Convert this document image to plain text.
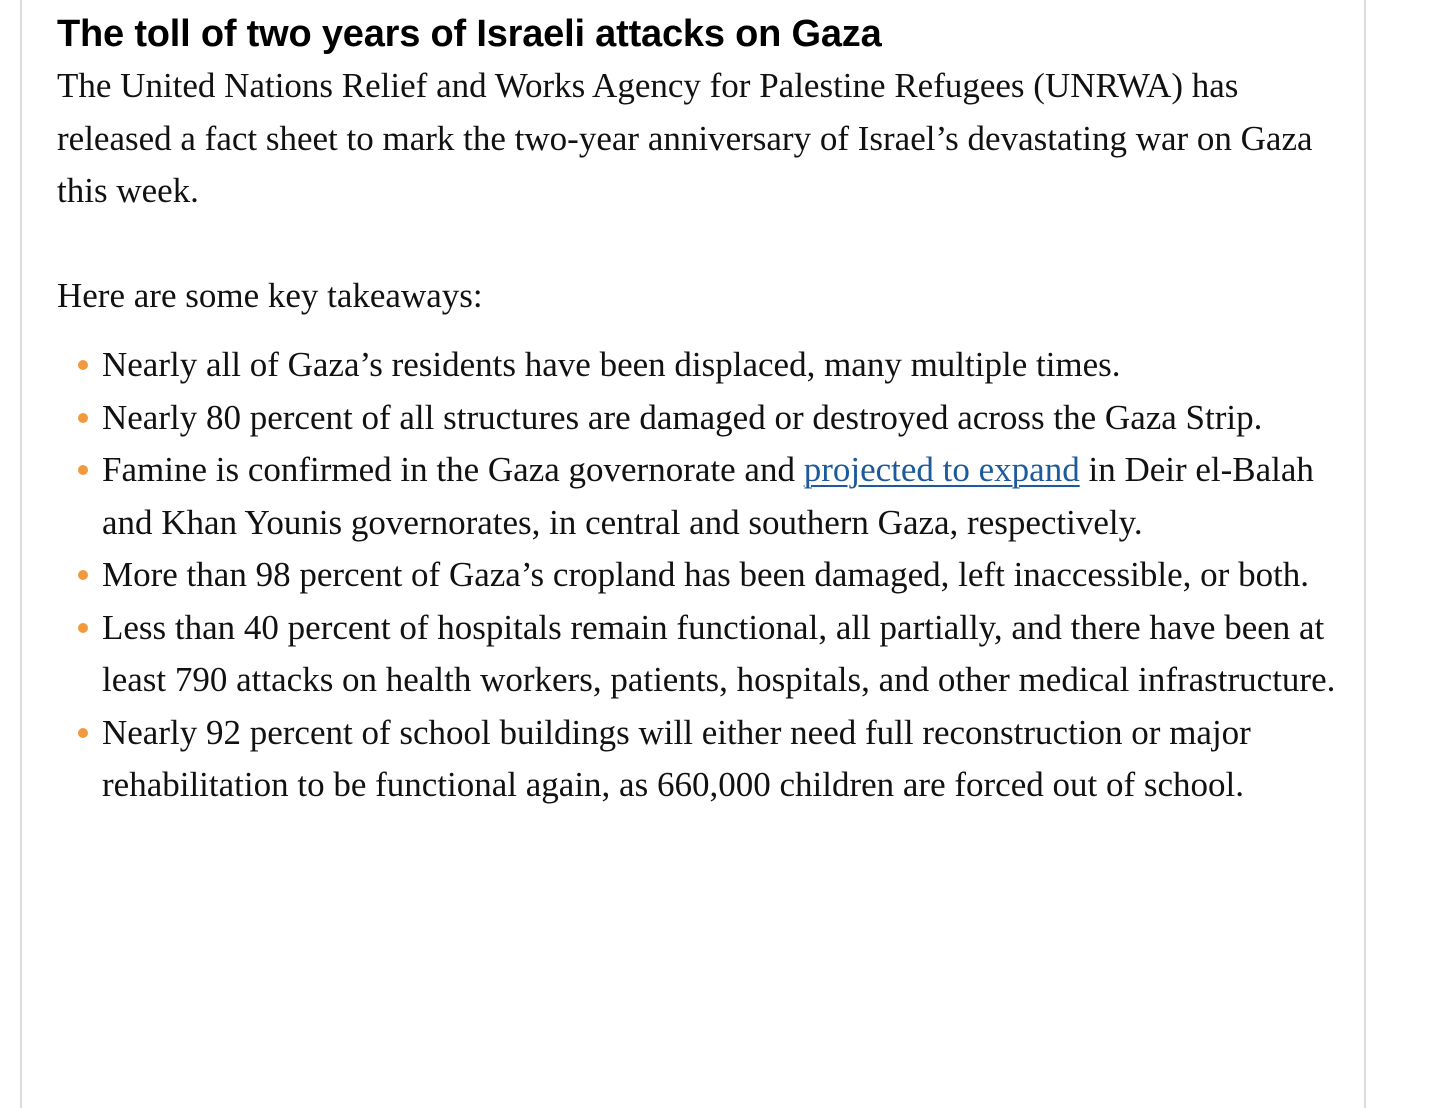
The toll of two years of Israeli attacks on Gaza

The United Nations Relief and Works Agency for Palestine Refugees (UNRWA) has released a fact sheet to mark the two-year anniversary of Israel’s devastating war on Gaza this week.

Here are some key takeaways:

Nearly all of Gaza’s residents have been displaced, many multiple times.
Nearly 80 percent of all structures are damaged or destroyed across the Gaza Strip.
Famine is confirmed in the Gaza governorate and projected to expand in Deir el-Balah and Khan Younis governorates, in central and southern Gaza, respectively.
More than 98 percent of Gaza’s cropland has been damaged, left inaccessible, or both.
Less than 40 percent of hospitals remain functional, all partially, and there have been at least 790 attacks on health workers, patients, hospitals, and other medical infrastructure.
Nearly 92 percent of school buildings will either need full reconstruction or major rehabilitation to be functional again, as 660,000 children are forced out of school.
